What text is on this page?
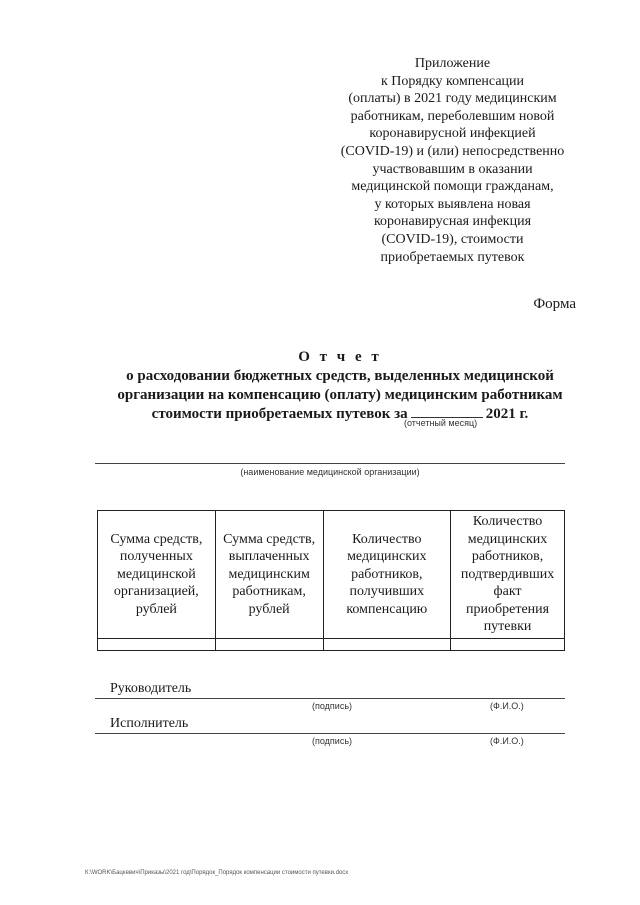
Приложение
к Порядку компенсации
(оплаты) в 2021 году медицинским
работникам, переболевшим новой
коронавирусной инфекцией
(COVID-19) и (или) непосредственно
участвовавшим в оказании
медицинской помощи гражданам,
у которых выявлена новая
коронавирусная инфекция
(COVID-19), стоимости
приобретаемых путевок
Форма
О т ч е т
о расходовании бюджетных средств, выделенных медицинской
организации на компенсацию (оплату) медицинским работникам
стоимости приобретаемых путевок за	2021 г.
(отчетный месяц)
(наименование медицинской организации)
Сумма средств, полученных медицинской организацией, рублей	Сумма средств, выплаченных медицинским работникам, рублей	Количество медицинских работников, получивших компенсацию	Количество медицинских работников, подтвердивших факт приобретения путевки

Руководитель
(подпись)	(Ф.И.О.)
Исполнитель
(подпись)	(Ф.И.О.)
К:\WORK\Бацкевич\Приказы\2021 год\Порядок_Порядок компенсации стоимости путевки.docx
